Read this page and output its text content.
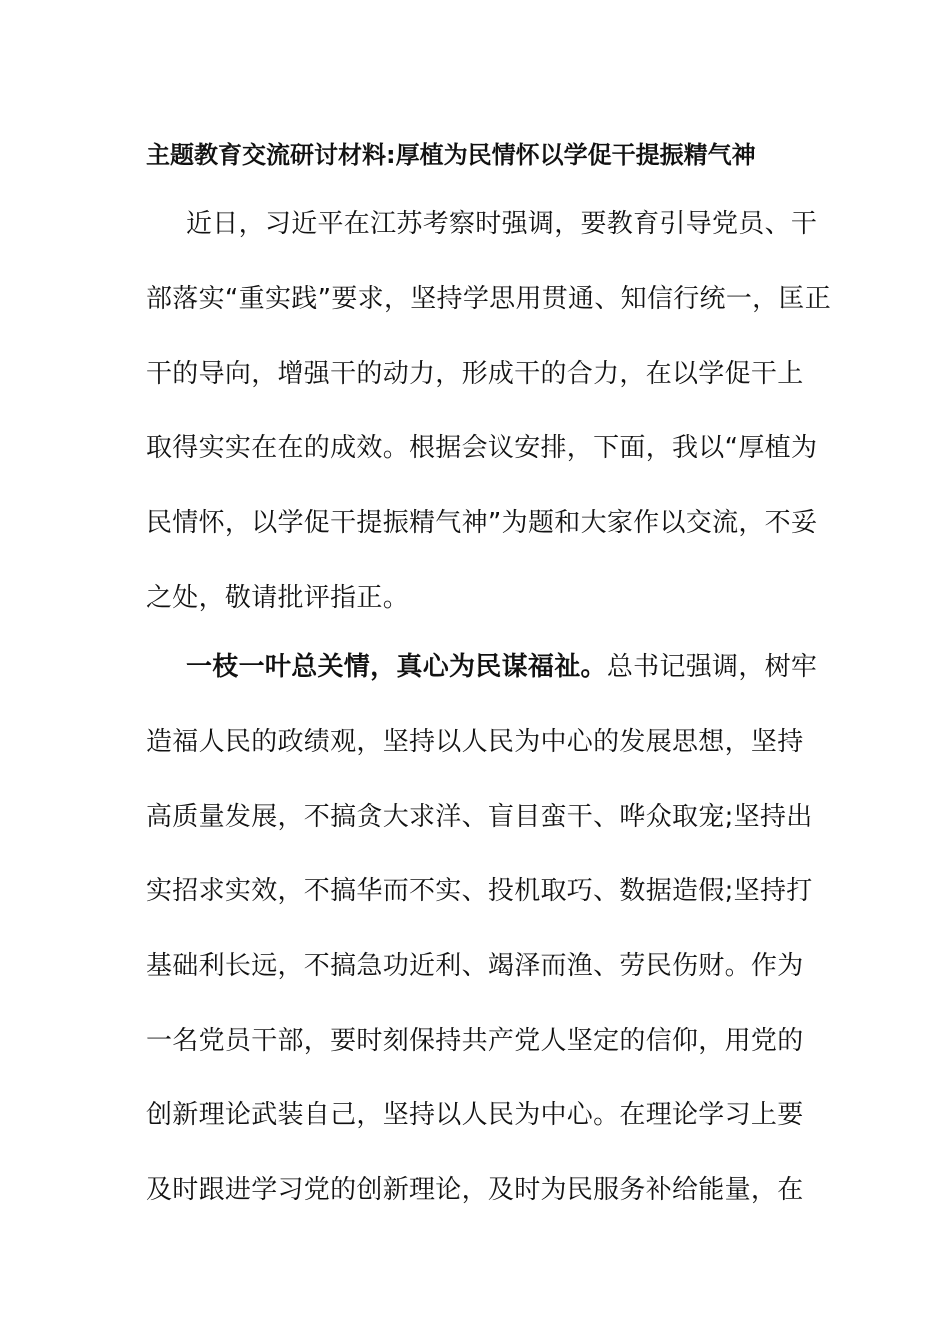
主题教育交流研讨材料:厚植为民情怀以学促干提振精气神
近日，习近平在江苏考察时强调，要教育引导党员、干
部落实“重实践”要求，坚持学思用贯通、知信行统一，匡正
干的导向，增强干的动力，形成干的合力，在以学促干上
取得实实在在的成效。根据会议安排，下面，我以“厚植为
民情怀，以学促干提振精气神”为题和大家作以交流，不妥
之处，敬请批评指正。
一枝一叶总关情，真心为民谋福祉。总书记强调，树牢
造福人民的政绩观，坚持以人民为中心的发展思想，坚持
高质量发展，不搞贪大求洋、盲目蛮干、哗众取宠;坚持出
实招求实效，不搞华而不实、投机取巧、数据造假;坚持打
基础利长远，不搞急功近利、竭泽而渔、劳民伤财。作为
一名党员干部，要时刻保持共产党人坚定的信仰，用党的
创新理论武装自己，坚持以人民为中心。在理论学习上要
及时跟进学习党的创新理论，及时为民服务补给能量，在
